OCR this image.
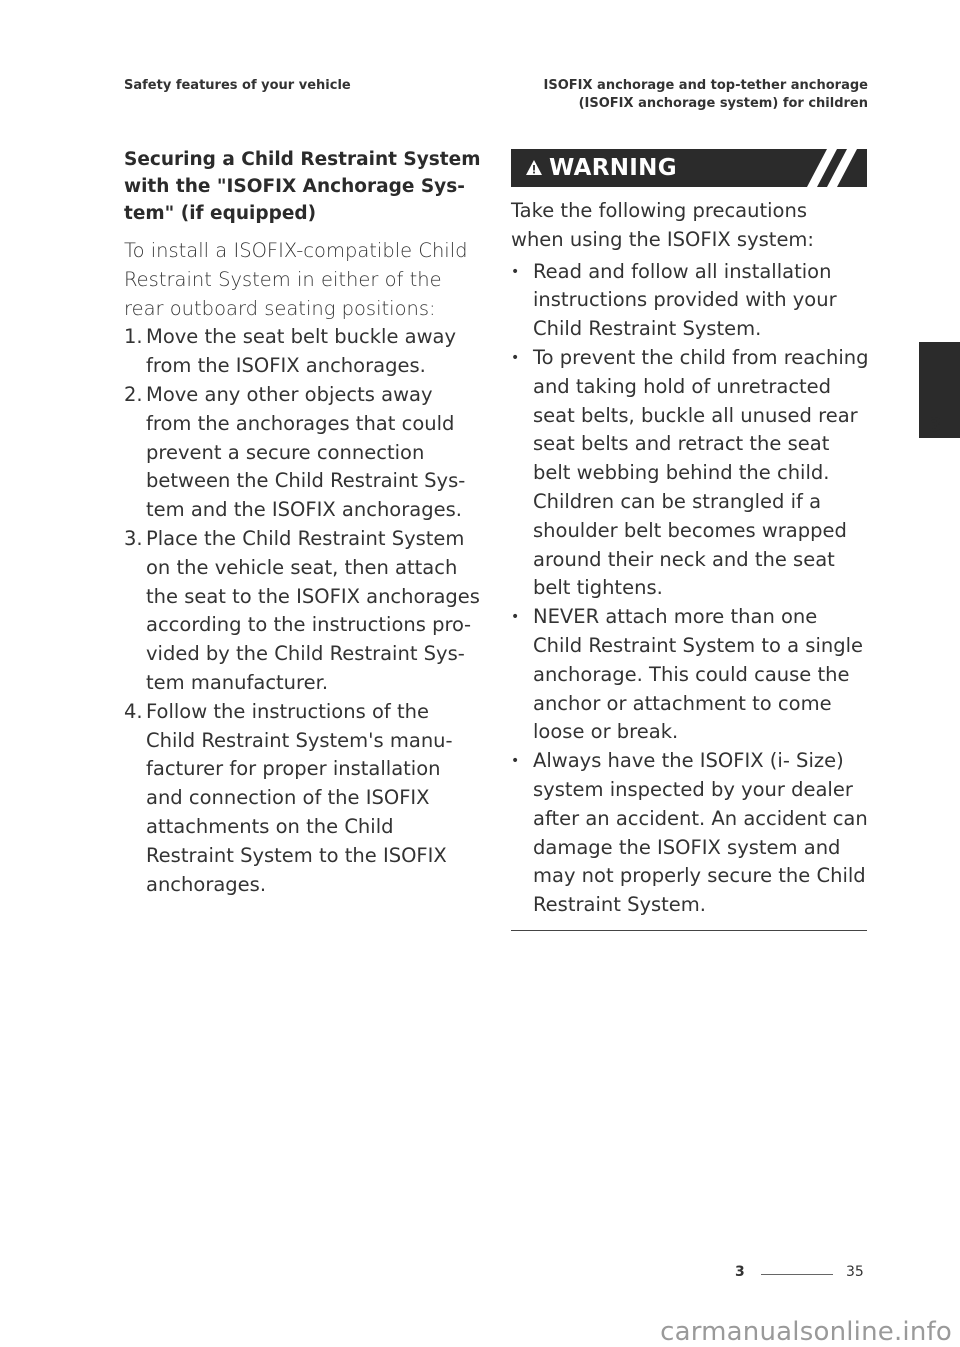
Safety features of your vehicle	ISOFIX anchorage and top-tether anchorage
(ISOFIX anchorage system) for children
Securing a Child Restraint System
with the "ISOFIX Anchorage Sys‐
tem" (if equipped)
To install a ISOFIX-compatible Child
Restraint System in either of the
rear outboard seating positions:
1. Move the seat belt buckle away
from the ISOFIX anchorages.
2. Move any other objects away
from the anchorages that could
prevent a secure connection
between the Child Restraint Sys‐
tem and the ISOFIX anchorages.
3. Place the Child Restraint System
on the vehicle seat, then attach
the seat to the ISOFIX anchorages
according to the instructions pro‐
vided by the Child Restraint Sys‐
tem manufacturer.
4. Follow the instructions of the
Child Restraint System's manu‐
facturer for proper installation
and connection of the ISOFIX
attachments on the Child
Restraint System to the ISOFIX
anchorages.
WARNING
Take the following precautions
when using the ISOFIX system:
• Read and follow all installation
instructions provided with your
Child Restraint System.
• To prevent the child from reaching
and taking hold of unretracted
seat belts, buckle all unused rear
seat belts and retract the seat
belt webbing behind the child.
Children can be strangled if a
shoulder belt becomes wrapped
around their neck and the seat
belt tightens.
• NEVER attach more than one
Child Restraint System to a single
anchorage. This could cause the
anchor or attachment to come
loose or break.
• Always have the ISOFIX (i- Size)
system inspected by your dealer
after an accident. An accident can
damage the ISOFIX system and
may not properly secure the Child
Restraint System.
3
3	35
carmanualsonline.info
